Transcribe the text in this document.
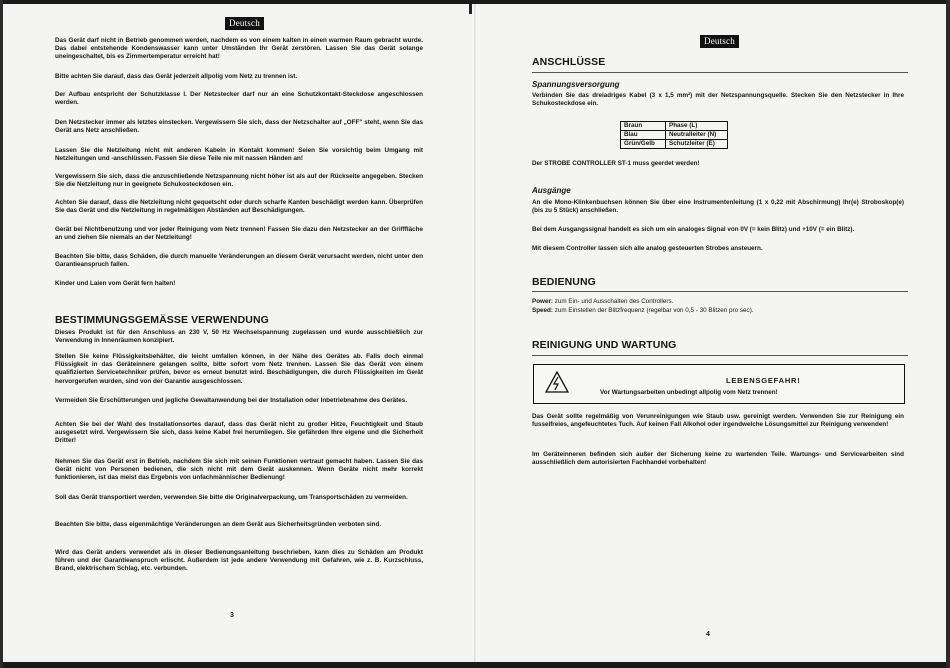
Deutsch

Das Gerät darf nicht in Betrieb genommen werden, nachdem es von einem kalten in einen warmen Raum gebracht wurde. Das dabei entstehende Kondenswasser kann unter Umständen Ihr Gerät zerstören. Lassen Sie das Gerät solange uneingeschaltet, bis es Zimmertemperatur erreicht hat!

Bitte achten Sie darauf, dass das Gerät jederzeit allpolig vom Netz zu trennen ist.

Der Aufbau entspricht der Schutzklasse I. Der Netzstecker darf nur an eine Schutzkontakt-Steckdose angeschlossen werden.

Den Netzstecker immer als letztes einstecken. Vergewissern Sie sich, dass der Netzschalter auf „OFF" steht, wenn Sie das Gerät ans Netz anschließen.

Lassen Sie die Netzleitung nicht mit anderen Kabeln in Kontakt kommen! Seien Sie vorsichtig beim Umgang mit Netzleitungen und -anschlüssen. Fassen Sie diese Teile nie mit nassen Händen an!

Vergewissern Sie sich, dass die anzuschließende Netzspannung nicht höher ist als auf der Rückseite angegeben. Stecken Sie die Netzleitung nur in geeignete Schukosteckdosen ein.

Achten Sie darauf, dass die Netzleitung nicht gequetscht oder durch scharfe Kanten beschädigt werden kann. Überprüfen Sie das Gerät und die Netzleitung in regelmäßigen Abständen auf Beschädigungen.

Gerät bei Nichtbenutzung und vor jeder Reinigung vom Netz trennen! Fassen Sie dazu den Netzstecker an der Grifffläche an und ziehen Sie niemals an der Netzleitung!

Beachten Sie bitte, dass Schäden, die durch manuelle Veränderungen an diesem Gerät verursacht werden, nicht unter den Garantieanspruch fallen.

Kinder und Laien vom Gerät fern halten!

BESTIMMUNGSGEMÄSSE VERWENDUNG

Dieses Produkt ist für den Anschluss an 230 V, 50 Hz Wechselspannung zugelassen und wurde ausschließlich zur Verwendung in Innenräumen konzipiert.

Stellen Sie keine Flüssigkeitsbehälter, die leicht umfallen können, in der Nähe des Gerätes ab. Falls doch einmal Flüssigkeit in das Geräteinnere gelangen sollte, bitte sofort vom Netz trennen. Lassen Sie das Gerät von einem qualifizierten Servicetechniker prüfen, bevor es erneut benutzt wird. Beschädigungen, die durch Flüssigkeiten im Gerät hervorgerufen wurden, sind von der Garantie ausgeschlossen.

Vermeiden Sie Erschütterungen und jegliche Gewaltanwendung bei der Installation oder Inbetriebnahme des Gerätes.

Achten Sie bei der Wahl des Installationsortes darauf, dass das Gerät nicht zu großer Hitze, Feuchtigkeit und Staub ausgesetzt wird. Vergewissern Sie sich, dass keine Kabel frei herumliegen. Sie gefährden Ihre eigene und die Sicherheit Dritter!

Nehmen Sie das Gerät erst in Betrieb, nachdem Sie sich mit seinen Funktionen vertraut gemacht haben. Lassen Sie das Gerät nicht von Personen bedienen, die sich nicht mit dem Gerät auskennen. Wenn Geräte nicht mehr korrekt funktionieren, ist das meist das Ergebnis von unfachmännischer Bedienung!

Soll das Gerät transportiert werden, verwenden Sie bitte die Originalverpackung, um Transportschäden zu vermeiden.

Beachten Sie bitte, dass eigenmächtige Veränderungen an dem Gerät aus Sicherheitsgründen verboten sind.

Wird das Gerät anders verwendet als in dieser Bedienungsanleitung beschrieben, kann dies zu Schäden am Produkt führen und der Garantieanspruch erlischt. Außerdem ist jede andere Verwendung mit Gefahren, wie z. B. Kurzschluss, Brand, elektrischem Schlag, etc. verbunden.

3
Deutsch
ANSCHLÜSSE
Spannungsversorgung

Verbinden Sie das dreiadriges Kabel (3 x 1,5 mm²) mit der Netzspannungsquelle. Stecken Sie den Netzstecker in Ihre Schukosteckdose ein.

Braun	Phase (L)
Blau	Neutralleiter (N)
Grün/Gelb	Schutzleiter (E)

Der STROBE CONTROLLER ST-1 muss geerdet werden!

Ausgänge

An die Mono-Klinkenbuchsen können Sie über eine Instrumentenleitung (1 x 0,22 mit Abschirmung) Ihr(e) Stroboskop(e) (bis zu 5 Stück) anschließen.

Bei dem Ausgangssignal handelt es sich um ein analoges Signal von 0V (= kein Blitz) und +10V (= ein Blitz).

Mit diesem Controller lassen sich alle analog gesteuerten Strobes ansteuern.

BEDIENUNG

Power: zum Ein- und Ausschalten des Controllers.

Speed: zum Einstellen der Blitzfrequenz (regelbar von 0,5 - 30 Blitzen pro sec).

REINIGUNG UND WARTUNG
LEBENSGEFAHR!
Vor Wartungsarbeiten unbedingt allpolig vom Netz trennen!

Das Gerät sollte regelmäßig von Verunreinigungen wie Staub usw. gereinigt werden. Verwenden Sie zur Reinigung ein fusselfreies, angefeuchtetes Tuch. Auf keinen Fall Alkohol oder irgendwelche Lösungsmittel zur Reinigung verwenden!

Im Geräteinneren befinden sich außer der Sicherung keine zu wartenden Teile. Wartungs- und Servicearbeiten sind ausschließlich dem autorisierten Fachhandel vorbehalten!

4
